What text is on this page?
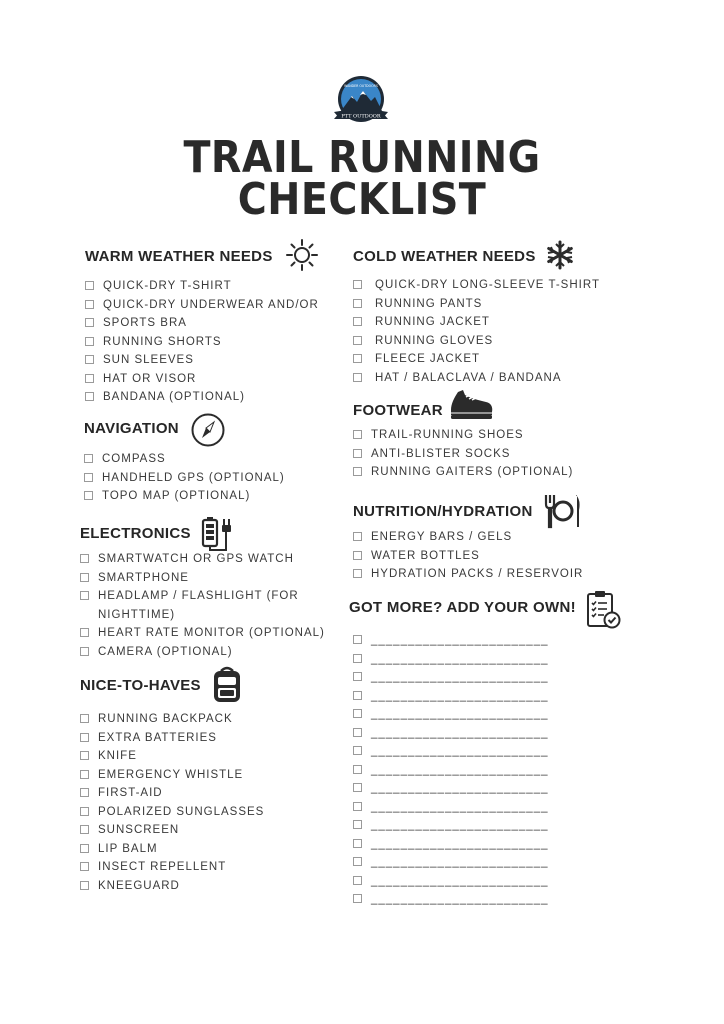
PTT OUTDOOR
WANDER OUTDOORS
TRAIL RUNNING
CHECKLIST
WARM WEATHER NEEDS
QUICK-DRY T-SHIRT
QUICK-DRY UNDERWEAR AND/OR
SPORTS BRA
RUNNING SHORTS
SUN SLEEVES
HAT OR VISOR
BANDANA (OPTIONAL)
NAVIGATION
COMPASS
HANDHELD GPS (OPTIONAL)
TOPO MAP (OPTIONAL)
ELECTRONICS
SMARTWATCH OR GPS WATCH
SMARTPHONE
HEADLAMP / FLASHLIGHT (FOR
NIGHTTIME)
HEART RATE MONITOR (OPTIONAL)
CAMERA (OPTIONAL)
NICE-TO-HAVES
RUNNING BACKPACK
EXTRA BATTERIES
KNIFE
EMERGENCY WHISTLE
FIRST-AID
POLARIZED SUNGLASSES
SUNSCREEN
LIP BALM
INSECT REPELLENT
KNEEGUARD
COLD WEATHER NEEDS
QUICK-DRY LONG-SLEEVE T-SHIRT
RUNNING PANTS
RUNNING JACKET
RUNNING GLOVES
FLEECE JACKET
HAT / BALACLAVA / BANDANA
FOOTWEAR
TRAIL-RUNNING SHOES
ANTI-BLISTER SOCKS
RUNNING GAITERS (OPTIONAL)
NUTRITION/HYDRATION
ENERGY BARS / GELS
WATER BOTTLES
HYDRATION PACKS / RESERVOIR
GOT MORE? ADD YOUR OWN!
________________________
________________________
________________________
________________________
________________________
________________________
________________________
________________________
________________________
________________________
________________________
________________________
________________________
________________________
________________________
